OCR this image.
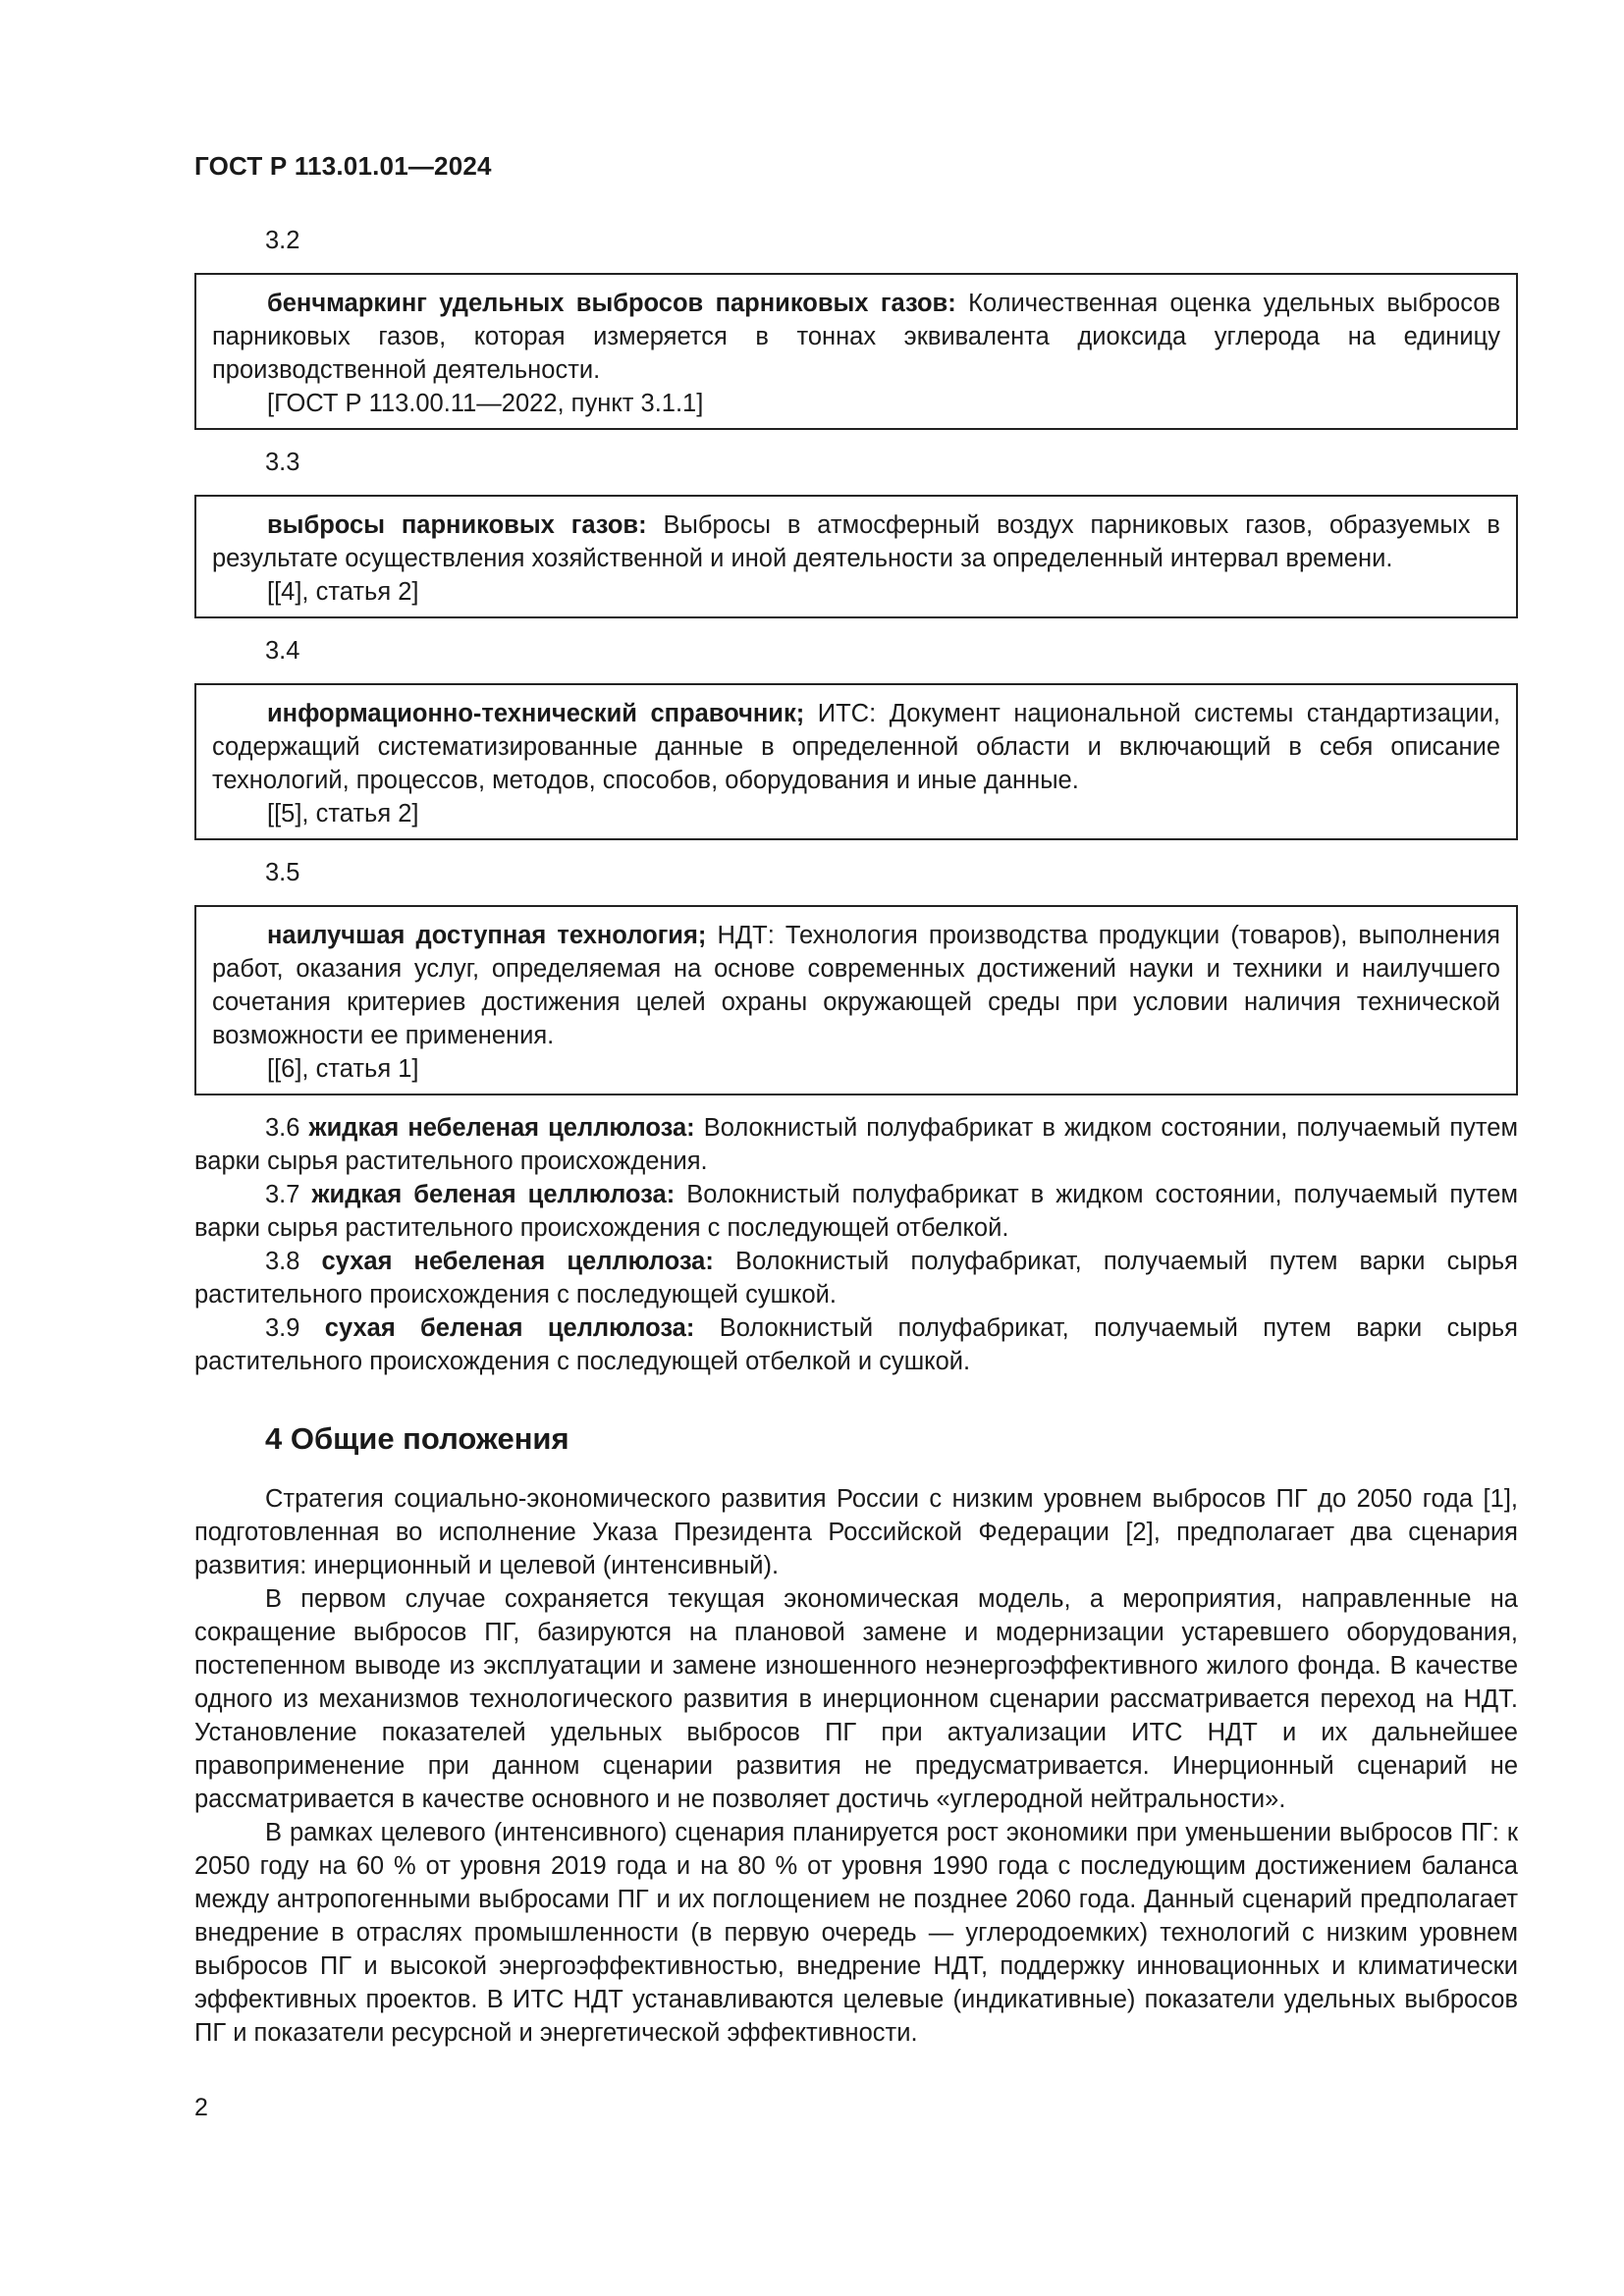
ГОСТ Р 113.01.01—2024
3.2
бенчмаркинг удельных выбросов парниковых газов: Количественная оценка удельных выбросов парниковых газов, которая измеряется в тоннах эквивалента диоксида углерода на единицу производственной деятельности.
[ГОСТ Р 113.00.11—2022, пункт 3.1.1]
3.3
выбросы парниковых газов: Выбросы в атмосферный воздух парниковых газов, образуемых в результате осуществления хозяйственной и иной деятельности за определенный интервал времени.
[[4], статья 2]
3.4
информационно-технический справочник; ИТС: Документ национальной системы стандартизации, содержащий систематизированные данные в определенной области и включающий в себя описание технологий, процессов, методов, способов, оборудования и иные данные.
[[5], статья 2]
3.5
наилучшая доступная технология; НДТ: Технология производства продукции (товаров), выполнения работ, оказания услуг, определяемая на основе современных достижений науки и техники и наилучшего сочетания критериев достижения целей охраны окружающей среды при условии наличия технической возможности ее применения.
[[6], статья 1]

3.6 жидкая небеленая целлюлоза: Волокнистый полуфабрикат в жидком состоянии, получаемый путем варки сырья растительного происхождения.

3.7 жидкая беленая целлюлоза: Волокнистый полуфабрикат в жидком состоянии, получаемый путем варки сырья растительного происхождения с последующей отбелкой.

3.8 сухая небеленая целлюлоза: Волокнистый полуфабрикат, получаемый путем варки сырья растительного происхождения с последующей сушкой.

3.9 сухая беленая целлюлоза: Волокнистый полуфабрикат, получаемый путем варки сырья растительного происхождения с последующей отбелкой и сушкой.

4 Общие положения

Стратегия социально-экономического развития России с низким уровнем выбросов ПГ до 2050 года [1], подготовленная во исполнение Указа Президента Российской Федерации [2], предполагает два сценария развития: инерционный и целевой (интенсивный).

В первом случае сохраняется текущая экономическая модель, а мероприятия, направленные на сокращение выбросов ПГ, базируются на плановой замене и модернизации устаревшего оборудования, постепенном выводе из эксплуатации и замене изношенного неэнергоэффективного жилого фонда. В качестве одного из механизмов технологического развития в инерционном сценарии рассматривается переход на НДТ. Установление показателей удельных выбросов ПГ при актуализации ИТС НДТ и их дальнейшее правоприменение при данном сценарии развития не предусматривается. Инерционный сценарий не рассматривается в качестве основного и не позволяет достичь «углеродной нейтральности».

В рамках целевого (интенсивного) сценария планируется рост экономики при уменьшении выбросов ПГ: к 2050 году на 60 % от уровня 2019 года и на 80 % от уровня 1990 года с последующим достижением баланса между антропогенными выбросами ПГ и их поглощением не позднее 2060 года. Данный сценарий предполагает внедрение в отраслях промышленности (в первую очередь — углеродоемких) технологий с низким уровнем выбросов ПГ и высокой энергоэффективностью, внедрение НДТ, поддержку инновационных и климатически эффективных проектов. В ИТС НДТ устанавливаются целевые (индикативные) показатели удельных выбросов ПГ и показатели ресурсной и энергетической эффективности.

2
